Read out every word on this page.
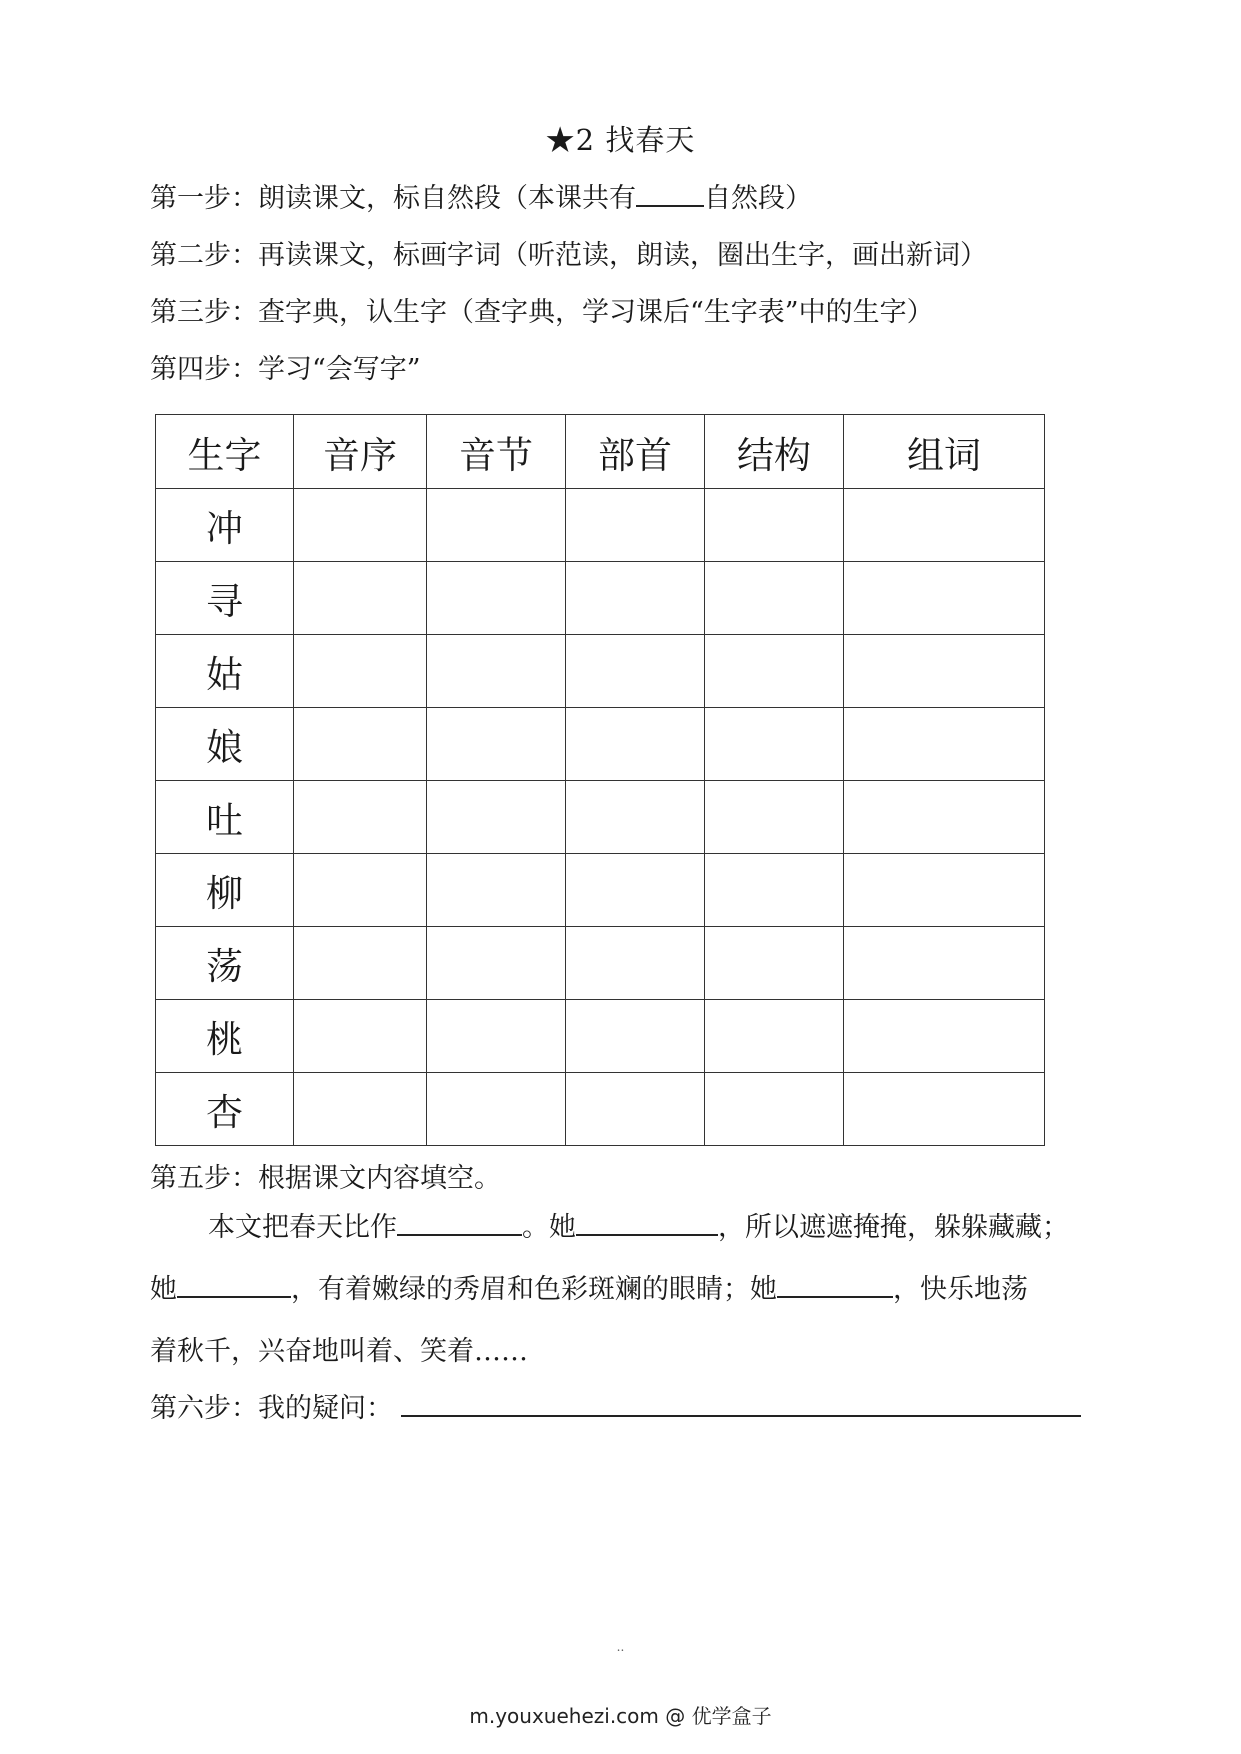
★2 找春天
第一步：朗读课文，标自然段（本课共有	自然段）
第二步：再读课文，标画字词（听范读，朗读，圈出生字，画出新词）
第三步：查字典，认生字（查字典，学习课后“生字表”中的生字）
第四步：学习“会写字”
生字	音序	音节	部首	结构	组词
冲					
寻					
姑					
娘					
吐					
柳					
荡					
桃					
杏					
第五步：根据课文内容填空。
本文把春天比作	。她	，所以遮遮掩掩，躲躲藏藏；
她	，有着嫩绿的秀眉和色彩斑斓的眼睛；她	，快乐地荡
着秋千，兴奋地叫着、笑着……
第六步：我的疑问：
..
m.youxuehezi.com @ 优学盒子
